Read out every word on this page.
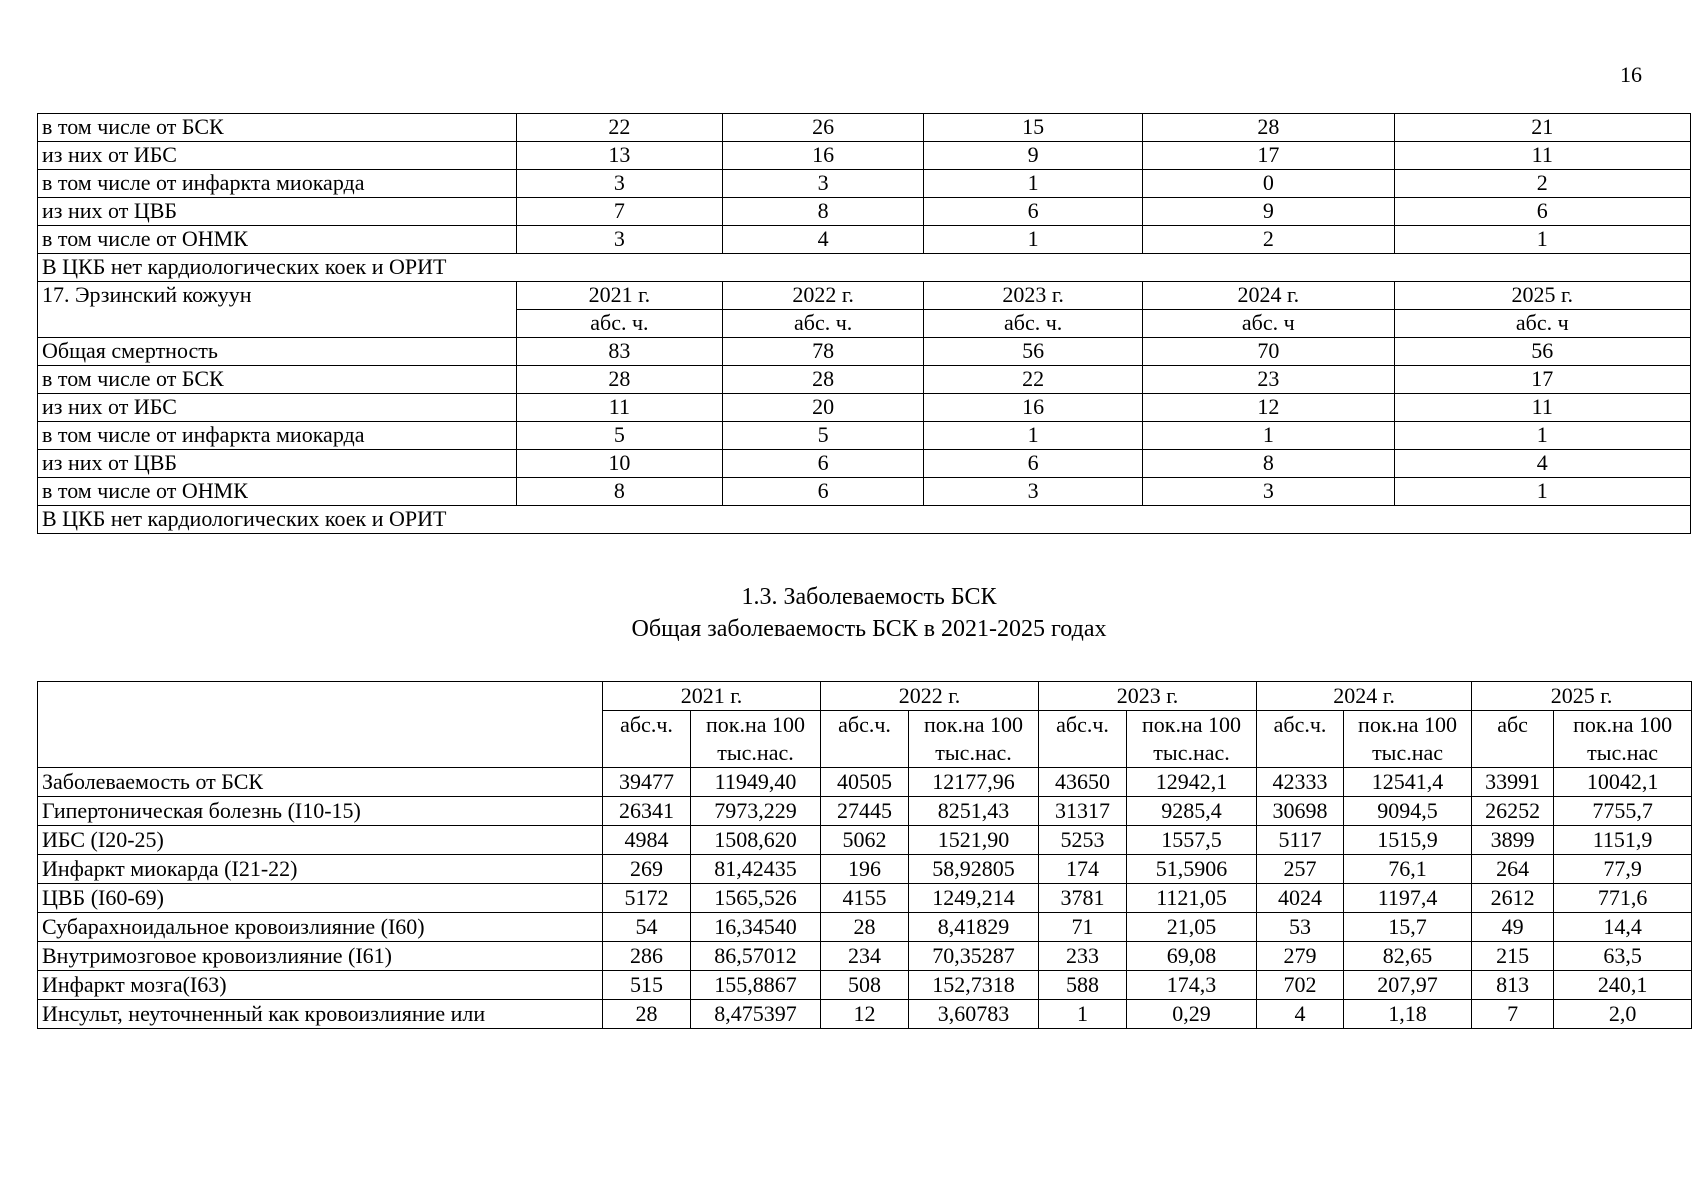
16
в том числе от БСК	22	26	15	28	21
из них от ИБС	13	16	9	17	11
в том числе от инфаркта миокарда	3	3	1	0	2
из них от ЦВБ	7	8	6	9	6
в том числе от ОНМК	3	4	1	2	1
В ЦКБ нет кардиологических коек и ОРИТ					
17. Эрзинский кожуун	2021 г.	2022 г.	2023 г.	2024 г.	2025 г.
	абс. ч.	абс. ч.	абс. ч.	абс. ч	абс. ч
Общая смертность	83	78	56	70	56
в том числе от БСК	28	28	22	23	17
из них от ИБС	11	20	16	12	11
в том числе от инфаркта миокарда	5	5	1	1	1
из них от ЦВБ	10	6	6	8	4
в том числе от ОНМК	8	6	3	3	1
В ЦКБ нет кардиологических коек и ОРИТ					
1.3. Заболеваемость БСК
Общая заболеваемость БСК в 2021-2025 годах
	2021 г.		2022 г.		2023 г.		2024 г.		2025 г.	
	абс.ч.	пок.на 100	абс.ч.	пок.на 100	абс.ч.	пок.на 100	абс.ч.	пок.на 100	абс	пок.на 100
		тыс.нас.		тыс.нас.		тыс.нас.		тыс.нас		тыс.нас
Заболеваемость от БСК	39477	11949,40	40505	12177,96	43650	12942,1	42333	12541,4	33991	10042,1
Гипертоническая болезнь (I10-15)	26341	7973,229	27445	8251,43	31317	9285,4	30698	9094,5	26252	7755,7
ИБС (I20-25)	4984	1508,620	5062	1521,90	5253	1557,5	5117	1515,9	3899	1151,9
Инфаркт миокарда (I21-22)	269	81,42435	196	58,92805	174	51,5906	257	76,1	264	77,9
ЦВБ (I60-69)	5172	1565,526	4155	1249,214	3781	1121,05	4024	1197,4	2612	771,6
Субарахноидальное кровоизлияние (I60)	54	16,34540	28	8,41829	71	21,05	53	15,7	49	14,4
Внутримозговое кровоизлияние (I61)	286	86,57012	234	70,35287	233	69,08	279	82,65	215	63,5
Инфаркт мозга(I63)	515	155,8867	508	152,7318	588	174,3	702	207,97	813	240,1
Инсульт, неуточненный как кровоизлияние или	28	8,475397	12	3,60783	1	0,29	4	1,18	7	2,0
